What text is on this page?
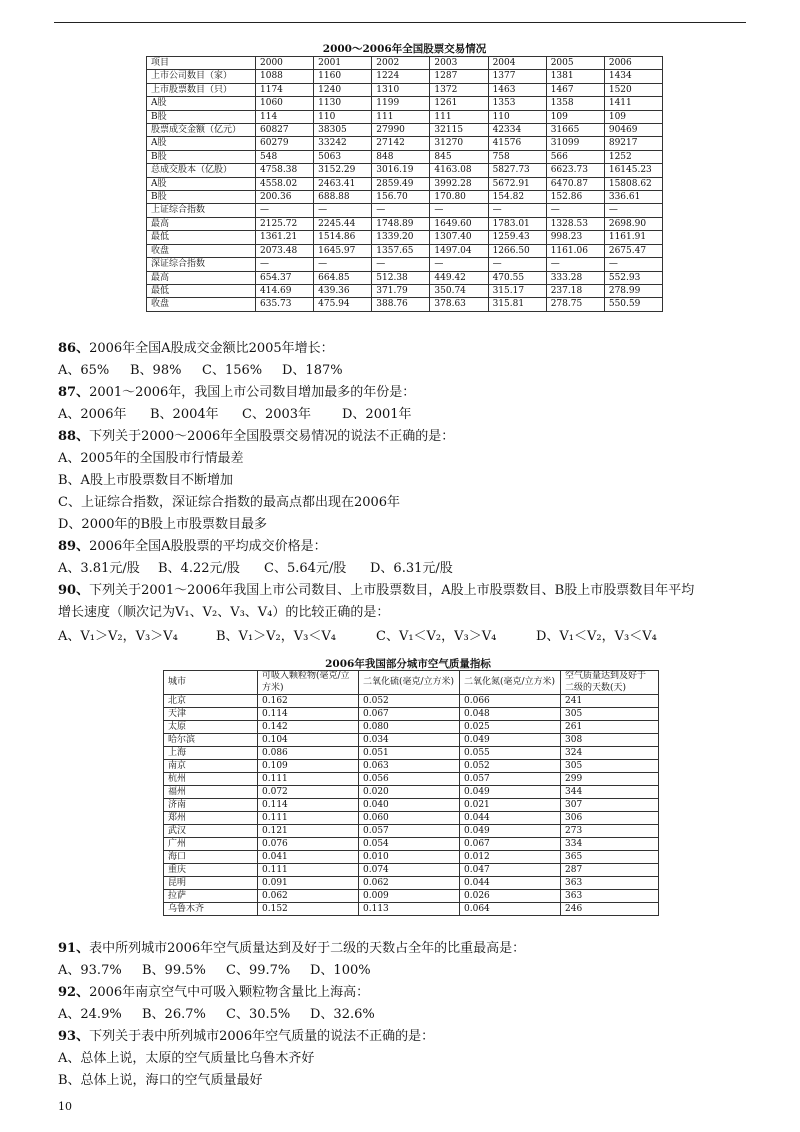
2000～2006年全国股票交易情况
项目	2000	2001	2002	2003	2004	2005	2006
上市公司数目（家）	1088	1160	1224	1287	1377	1381	1434
上市股票数目（只）	1174	1240	1310	1372	1463	1467	1520
A股	1060	1130	1199	1261	1353	1358	1411
B股	114	110	111	111	110	109	109
股票成交金额（亿元）	60827	38305	27990	32115	42334	31665	90469
A股	60279	33242	27142	31270	41576	31099	89217
B股	548	5063	848	845	758	566	1252
总成交股本（亿股）	4758.38	3152.29	3016.19	4163.08	5827.73	6623.73	16145.23
A股	4558.02	2463.41	2859.49	3992.28	5672.91	6470.87	15808.62
B股	200.36	688.88	156.70	170.80	154.82	152.86	336.61
上证综合指数	—	—	—	—	—	—	—
最高	2125.72	2245.44	1748.89	1649.60	1783.01	1328.53	2698.90
最低	1361.21	1514.86	1339.20	1307.40	1259.43	998.23	1161.91
收盘	2073.48	1645.97	1357.65	1497.04	1266.50	1161.06	2675.47
深证综合指数	—	—	—	—	—	—	—
最高	654.37	664.85	512.38	449.42	470.55	333.28	552.93
最低	414.69	439.36	371.79	350.74	315.17	237.18	278.99
收盘	635.73	475.94	388.76	378.63	315.81	278.75	550.59
86、2006年全国A股成交金额比2005年增长：
A、65% B、98% C、156% D、187%
87、2001～2006年，我国上市公司数目增加最多的年份是：
A、2006年 B、2004年 C、2003年 D、2001年
88、下列关于2000～2006年全国股票交易情况的说法不正确的是：
A、2005年的全国股市行情最差
B、A股上市股票数目不断增加
C、上证综合指数，深证综合指数的最高点都出现在2006年
D、2000年的B股上市股票数目最多
89、2006年全国A股股票的平均成交价格是：
A、3.81元/股 B、4.22元/股 C、5.64元/股 D、6.31元/股
90、下列关于2001～2006年我国上市公司数目、上市股票数目，A股上市股票数目、B股上市股票数目年平均
增长速度（顺次记为V₁、V₂、V₃、V₄）的比较正确的是：
A、V₁＞V₂，V₃＞V₄	B、V₁＞V₂，V₃＜V₄	C、V₁＜V₂，V₃＞V₄	D、V₁＜V₂，V₃＜V₄
2006年我国部分城市空气质量指标
城市	可吸入颗粒物(毫克/立方米)	二氧化硫(毫克/立方米)	二氧化氮(毫克/立方米)	空气质量达到及好于二级的天数(天)
北京	0.162	0.052	0.066	241
天津	0.114	0.067	0.048	305
太原	0.142	0.080	0.025	261
哈尔滨	0.104	0.034	0.049	308
上海	0.086	0.051	0.055	324
南京	0.109	0.063	0.052	305
杭州	0.111	0.056	0.057	299
福州	0.072	0.020	0.049	344
济南	0.114	0.040	0.021	307
郑州	0.111	0.060	0.044	306
武汉	0.121	0.057	0.049	273
广州	0.076	0.054	0.067	334
海口	0.041	0.010	0.012	365
重庆	0.111	0.074	0.047	287
昆明	0.091	0.062	0.044	363
拉萨	0.062	0.009	0.026	363
乌鲁木齐	0.152	0.113	0.064	246
91、表中所列城市2006年空气质量达到及好于二级的天数占全年的比重最高是：
A、93.7% B、99.5% C、99.7% D、100%
92、2006年南京空气中可吸入颗粒物含量比上海高：
A、24.9% B、26.7% C、30.5% D、32.6%
93、下列关于表中所列城市2006年空气质量的说法不正确的是：
A、总体上说，太原的空气质量比乌鲁木齐好
B、总体上说，海口的空气质量最好
10
